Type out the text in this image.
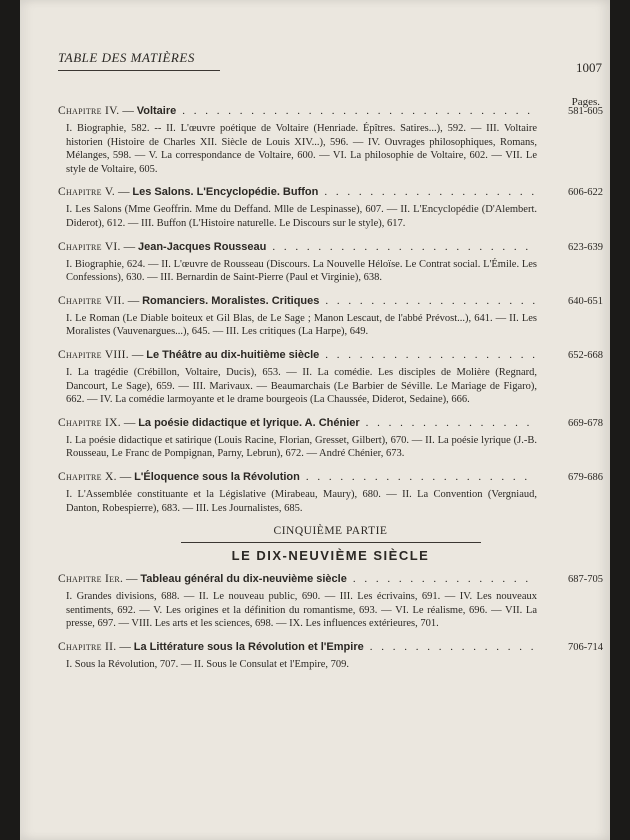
TABLE DES MATIÈRES
1007
Pages.
Chapitre IV. — Voltaire . . .	581-605
I. Biographie, 582. -- II. L'œuvre poétique de Voltaire (Henriade. Épîtres. Satires...), 592. — III. Voltaire historien (Histoire de Charles XII. Siècle de Louis XIV...), 596. — IV. Ouvrages philosophiques, Romans, Mélanges, 598. — V. La correspondance de Voltaire, 600. — VI. La philosophie de Voltaire, 602. — VII. Le style de Voltaire, 605.
Chapitre V. — Les Salons. L'Encyclopédie. Buffon . . .	606-622
I. Les Salons (Mme Geoffrin. Mme du Deffand. Mlle de Lespinasse), 607. — II. L'Encyclopédie (D'Alembert. Diderot), 612. — III. Buffon (L'Histoire naturelle. Le Discours sur le style), 617.
Chapitre VI. — Jean-Jacques Rousseau . . .	623-639
I. Biographie, 624. — II. L'œuvre de Rousseau (Discours. La Nouvelle Héloïse. Le Contrat social. L'Émile. Les Confessions), 630. — III. Bernardin de Saint-Pierre (Paul et Virginie), 638.
Chapitre VII. — Romanciers. Moralistes. Critiques . . .	640-651
I. Le Roman (Le Diable boiteux et Gil Blas, de Le Sage ; Manon Lescaut, de l'abbé Prévost...), 641. — II. Les Moralistes (Vauvenargues...), 645. — III. Les critiques (La Harpe), 649.
Chapitre VIII. — Le Théâtre au dix-huitième siècle . . .	652-668
I. La tragédie (Crébillon, Voltaire, Ducis), 653. — II. La comédie. Les disciples de Molière (Regnard, Dancourt, Le Sage), 659. — III. Marivaux. — Beaumarchais (Le Barbier de Séville. Le Mariage de Figaro), 662. — IV. La comédie larmoyante et le drame bourgeois (La Chaussée, Diderot, Sedaine), 666.
Chapitre IX. — La poésie didactique et lyrique. A. Chénier . . .	669-678
I. La poésie didactique et satirique (Louis Racine, Florian, Gresset, Gilbert), 670. — II. La poésie lyrique (J.-B. Rousseau, Le Franc de Pompignan, Parny, Lebrun), 672. — André Chénier, 673.
Chapitre X. — L'Éloquence sous la Révolution . . .	679-686
I. L'Assemblée constituante et la Législative (Mirabeau, Maury), 680. — II. La Convention (Vergniaud, Danton, Robespierre), 683. — III. Les Journalistes, 685.
CINQUIÈME PARTIE
LE DIX-NEUVIÈME SIÈCLE
Chapitre Ier. — Tableau général du dix-neuvième siècle . . .	687-705
I. Grandes divisions, 688. — II. Le nouveau public, 690. — III. Les écrivains, 691. — IV. Les nouveaux sentiments, 692. — V. Les origines et la définition du romantisme, 693. — VI. Le réalisme, 696. — VII. La presse, 697. — VIII. Les arts et les sciences, 698. — IX. Les influences extérieures, 701.
Chapitre II. — La Littérature sous la Révolution et l'Empire . . .	706-714
I. Sous la Révolution, 707. — II. Sous le Consulat et l'Empire, 709.
